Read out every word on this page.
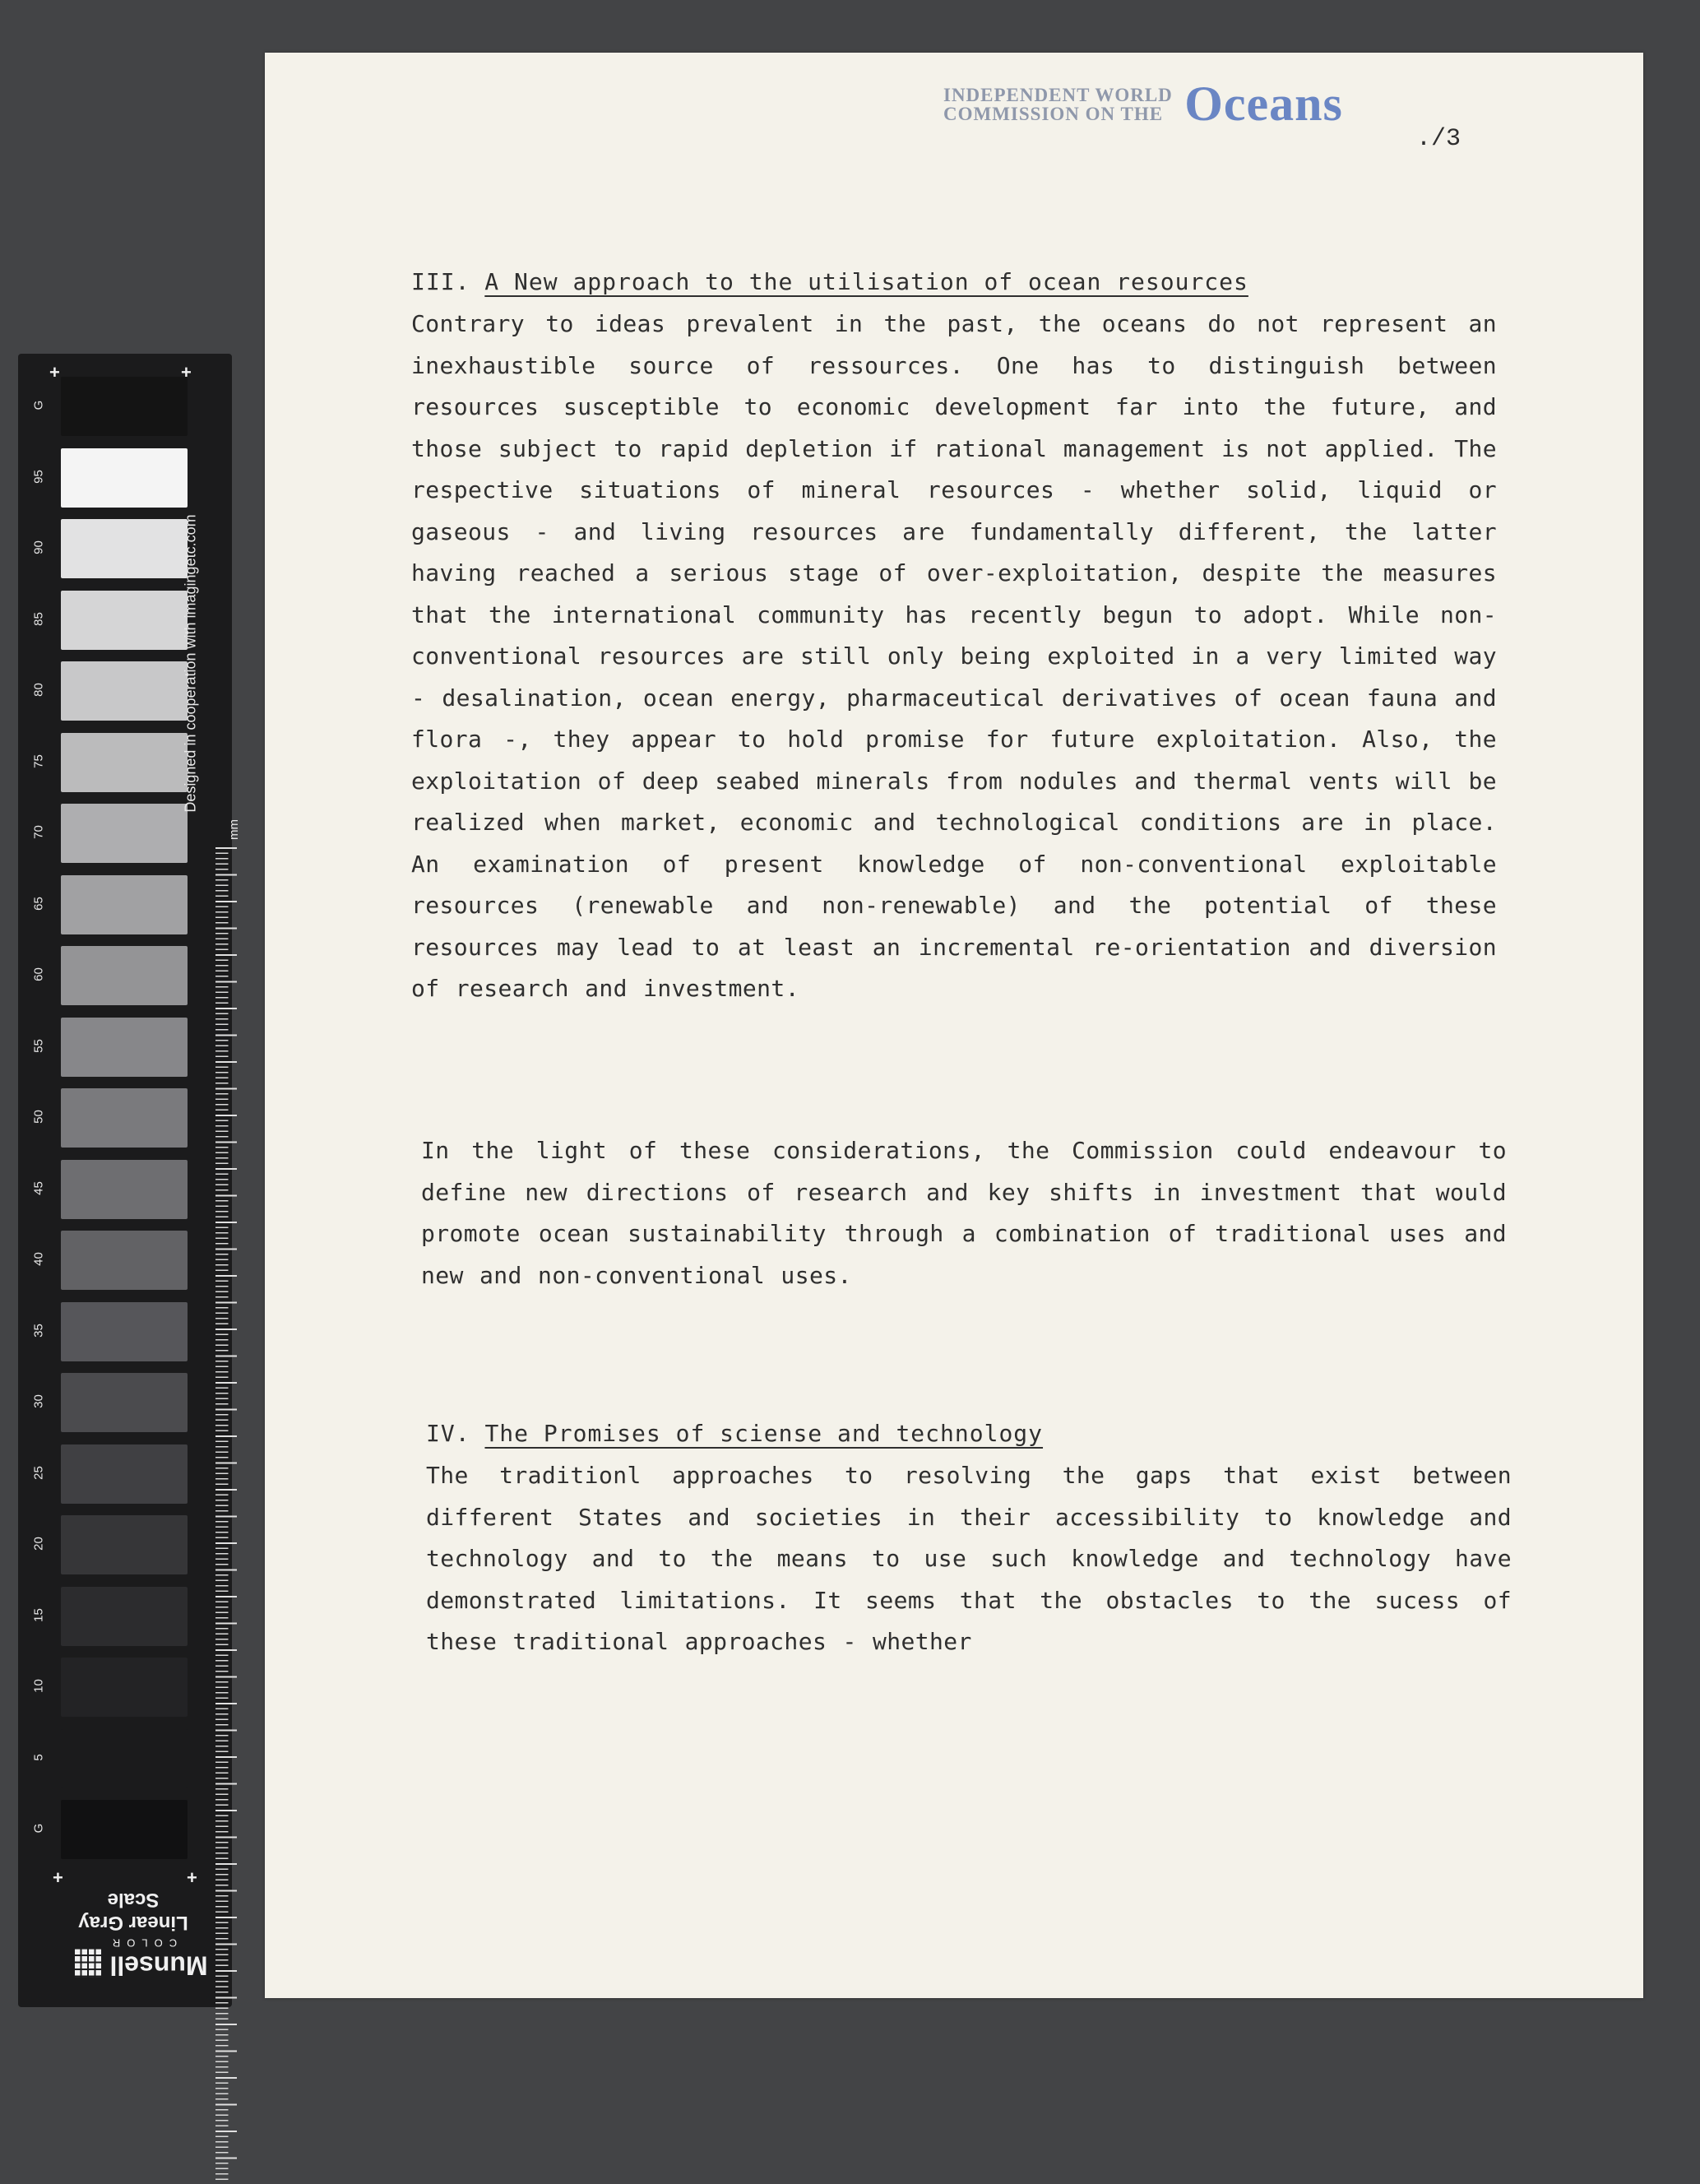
G
95
90
85
80
75
70
65
60
55
50
45
40
35
30
25
20
15
10
5
G
+	+
+	+
Designed in cooperation with imagingetc.com
mm
Linear Gray Scale
Munsell
COLOR
INDEPENDENT WORLD
COMMISSION ON THE Oceans
./3
III. A New approach to the utilisation of ocean resources
Contrary to ideas prevalent in the past, the oceans do not represent an inexhaustible source of ressources. One has to distinguish between resources susceptible to economic development far into the future, and those subject to rapid depletion if rational management is not applied. The respective situations of mineral resources - whether solid, liquid or gaseous - and living resources are fundamentally different, the latter having reached a serious stage of over-exploitation, despite the measures that the international community has recently begun to adopt. While non-conventional resources are still only being exploited in a very limited way - desalination, ocean energy, pharmaceutical derivatives of ocean fauna and flora -, they appear to hold promise for future exploitation. Also, the exploitation of deep seabed minerals from nodules and thermal vents will be realized when market, economic and technological conditions are in place. An examination of present knowledge of non-conventional exploitable resources (renewable and non-renewable) and the potential of these resources may lead to at least an incremental re-orientation and diversion of research and investment.
In the light of these considerations, the Commission could endeavour to define new directions of research and key shifts in investment that would promote ocean sustainability through a combination of traditional uses and new and non-conventional uses.
IV. The Promises of sciense and technology
The traditionl approaches to resolving the gaps that exist between different States and societies in their accessibility to knowledge and technology and to the means to use such knowledge and technology have demonstrated limitations. It seems that the obstacles to the sucess of these traditional approaches - whether
